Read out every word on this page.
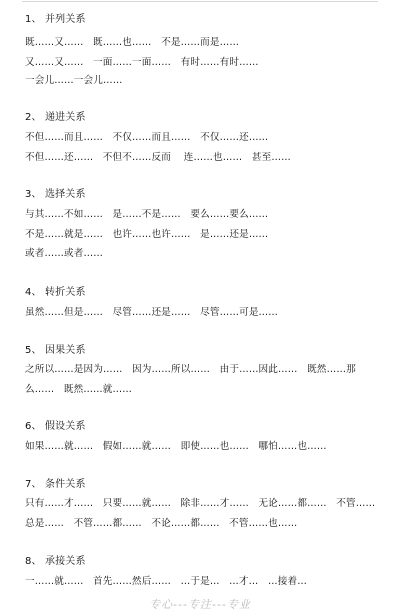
1、 并列关系
既……又……   既……也……   不是……而是……
又……又……   一面……一面……   有时……有时……
一会儿……一会儿……
2、 递进关系
不但……而且……   不仅……而且……   不仅……还……
不但……还……   不但不……反而    连……也……   甚至……
3、 选择关系
与其……不如……   是……不是……   要么……要么……
不是……就是……   也许……也许……   是……还是……
或者……或者……
4、 转折关系
虽然……但是……   尽管……还是……   尽管……可是……
5、 因果关系
之所以……是因为……   因为……所以……   由于……因此……   既然……那
么……   既然……就……
6、 假设关系
如果……就……   假如……就……   即使……也……   哪怕……也……
7、 条件关系
只有……才……   只要……就……   除非……才……   无论……都……   不管……
总是……   不管……都……   不论……都……   不管……也……
8、 承接关系
一……就……   首先……然后……   …于是…   …才…   …接着…
专心---专注---专业
